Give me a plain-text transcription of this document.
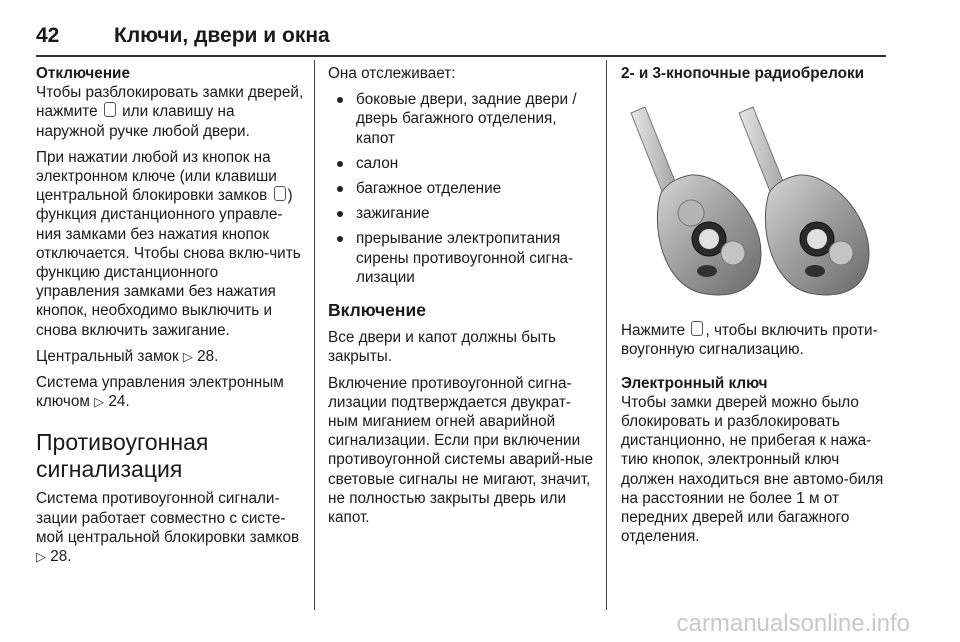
42	Ключи, двери и окна
Отключение

Чтобы разблокировать замки дверей, нажмите или клавишу на наружной ручке любой двери.

При нажатии любой из кнопок на электронном ключе (или клавиши центральной блокировки замков ) функция дистанционного управле-ния замками без нажатия кнопок отключается. Чтобы снова вклю-чить функцию дистанционного управления замками без нажатия кнопок, необходимо выключить и снова включить зажигание.

Центральный замок ▷ 28.

Система управления электронным ключом ▷ 24.

Противоугонная сигнализация

Система противоугонной сигнали-зации работает совместно с систе-мой центральной блокировки замков ▷ 28.

Она отслеживает:

боковые двери, задние двери / дверь багажного отделения, капот
салон
багажное отделение
зажигание
прерывание электропитания сирены противоугонной сигна-лизации
Включение

Все двери и капот должны быть закрыты.

Включение противоугонной сигна-лизации подтверждается двукрат-ным миганием огней аварийной сигнализации. Если при включении противоугонной системы аварий-ные световые сигналы не мигают, значит, не полностью закрыты дверь или капот.

2- и 3-кнопочные радиобрелоки

Нажмите , чтобы включить проти-воугонную сигнализацию.

Электронный ключ

Чтобы замки дверей можно было блокировать и разблокировать дистанционно, не прибегая к нажа-тию кнопок, электронный ключ должен находиться вне автомо-биля на расстоянии не более 1 м от передних дверей или багажного отделения.

carmanualsonline.info
